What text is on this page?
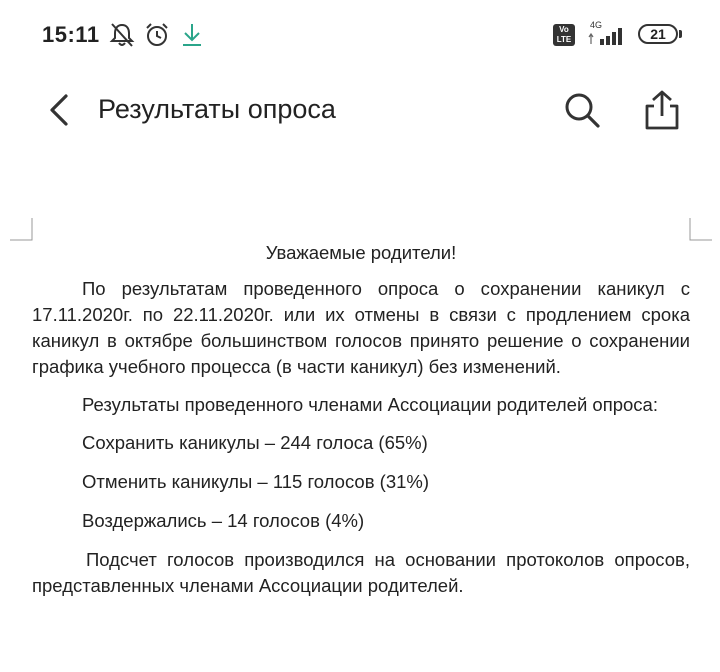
15:11	Vo LTE
4G
21
Результаты опроса

Уважаемые родители!

По результатам проведенного опроса о сохранении каникул с 17.11.2020г. по 22.11.2020г. или их отмены в связи с продлением срока каникул в октябре большинством голосов принято решение о сохранении графика учебного процесса (в части каникул) без изменений.

Результаты проведенного членами Ассоциации родителей опроса:

Сохранить каникулы – 244 голоса (65%)

Отменить каникулы – 115 голосов (31%)

Воздержались – 14 голосов (4%)

Подсчет голосов производился на основании протоколов опросов, представленных членами Ассоциации родителей.
